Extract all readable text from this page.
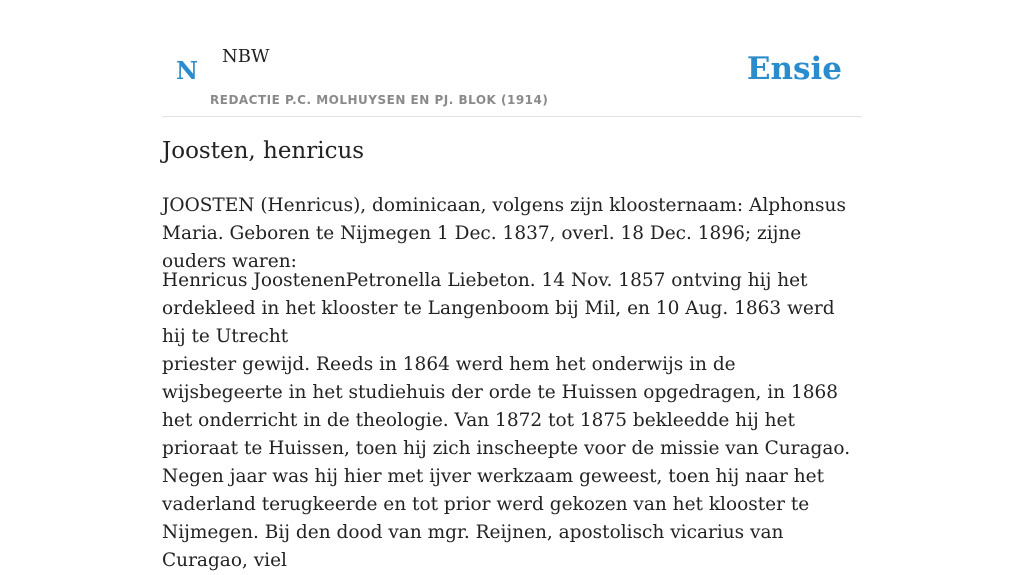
N NBW
REDACTIE P.C. MOLHUYSEN EN PJ. BLOK (1914)
Ensie
Joosten, henricus

JOOSTEN (Henricus), dominicaan, volgens zijn kloosternaam: Alphonsus Maria. Geboren te Nijmegen 1 Dec. 1837, overl. 18 Dec. 1896; zijne ouders waren:

Henricus JoostenenPetronella Liebeton. 14 Nov. 1857 ontving hij het ordekleed in het klooster te Langenboom bij Mil, en 10 Aug. 1863 werd hij te Utrecht

priester gewijd. Reeds in 1864 werd hem het onderwijs in de wijsbegeerte in het studiehuis der orde te Huissen opgedragen, in 1868 het onderricht in de theologie. Van 1872 tot 1875 bekleedde hij het prioraat te Huissen, toen hij zich inscheepte voor de missie van Curagao. Negen jaar was hij hier met ijver werkzaam geweest, toen hij naar het vaderland terugkeerde en tot prior werd gekozen van het klooster te Nijmegen. Bij den dood van mgr. Reijnen, apostolisch vicarius van Curagao, viel
